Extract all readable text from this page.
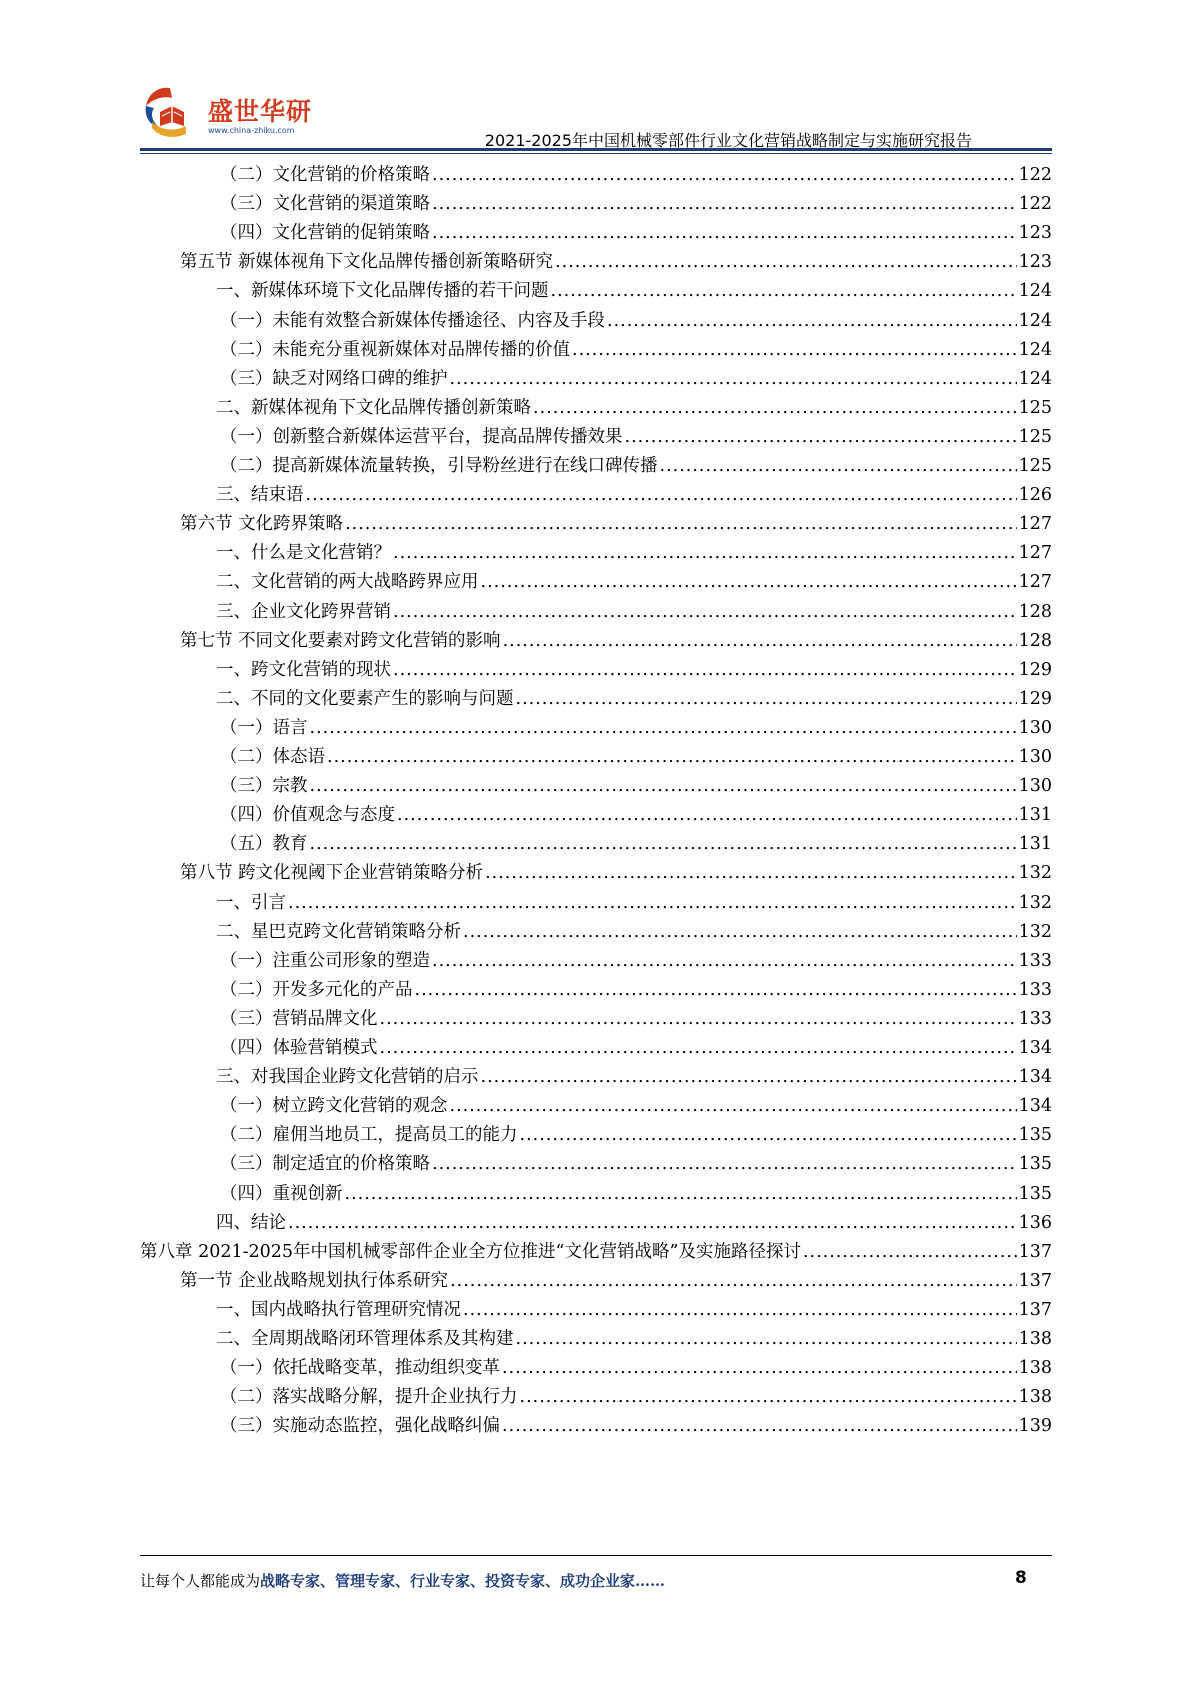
盛世华研
www.china-zhiku.com
2021-2025年中国机械零部件行业文化营销战略制定与实施研究报告
（二）文化营销的价格策略 .....	122
（三）文化营销的渠道策略 .....	122
（四）文化营销的促销策略 .....	123
第五节 新媒体视角下文化品牌传播创新策略研究 .....	123
一、新媒体环境下文化品牌传播的若干问题 .....	124
（一）未能有效整合新媒体传播途径、内容及手段 .....	124
（二）未能充分重视新媒体对品牌传播的价值 .....	124
（三）缺乏对网络口碑的维护 .....	124
二、新媒体视角下文化品牌传播创新策略 .....	125
（一）创新整合新媒体运营平台，提高品牌传播效果 .....	125
（二）提高新媒体流量转换，引导粉丝进行在线口碑传播 .....	125
三、结束语 .....	126
第六节 文化跨界策略 .....	127
一、什么是文化营销？ .....	127
二、文化营销的两大战略跨界应用 .....	127
三、企业文化跨界营销 .....	128
第七节 不同文化要素对跨文化营销的影响 .....	128
一、跨文化营销的现状 .....	129
二、不同的文化要素产生的影响与问题 .....	129
（一）语言 .....	130
（二）体态语 .....	130
（三）宗教 .....	130
（四）价值观念与态度 .....	131
（五）教育 .....	131
第八节 跨文化视阈下企业营销策略分析 .....	132
一、引言 .....	132
二、星巴克跨文化营销策略分析 .....	132
（一）注重公司形象的塑造 .....	133
（二）开发多元化的产品 .....	133
（三）营销品牌文化 .....	133
（四）体验营销模式 .....	134
三、对我国企业跨文化营销的启示 .....	134
（一）树立跨文化营销的观念 .....	134
（二）雇佣当地员工，提高员工的能力 .....	135
（三）制定适宜的价格策略 .....	135
（四）重视创新 .....	135
四、结论 .....	136
第八章 2021-2025年中国机械零部件企业全方位推进“文化营销战略”及实施路径探讨 .....	137
第一节 企业战略规划执行体系研究 .....	137
一、国内战略执行管理研究情况 .....	137
二、全周期战略闭环管理体系及其构建 .....	138
（一）依托战略变革，推动组织变革 .....	138
（二）落实战略分解，提升企业执行力 .....	138
（三）实施动态监控，强化战略纠偏 .....	139
让每个人都能成为战略专家、管理专家、行业专家、投资专家、成功企业家……	8
